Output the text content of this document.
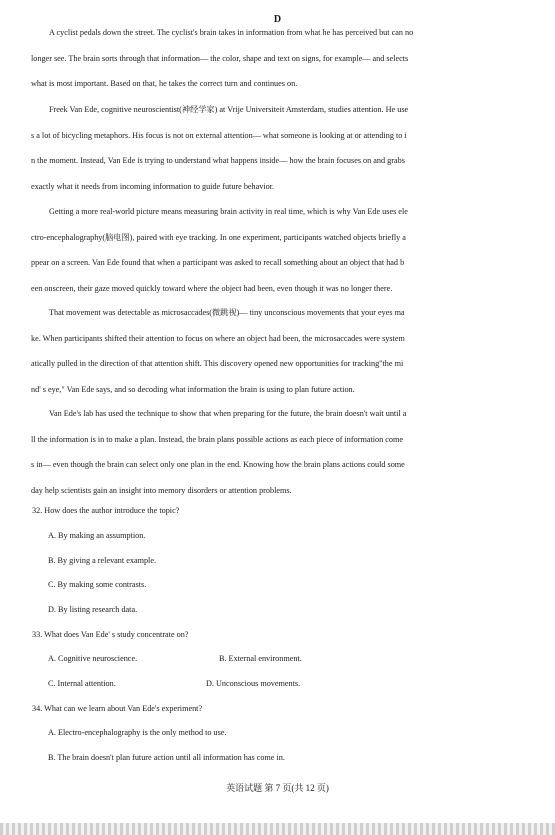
D
A cyclist pedals down the street. The cyclist's brain takes in information from what he has perceived but can no
longer see. The brain sorts through that information— the color, shape and text on signs, for example— and selects
what is most important. Based on that, he takes the correct turn and continues on.
Freek Van Ede, cognitive neuroscientist(神经学家) at Vrije Universiteit Amsterdam, studies attention. He use
s a lot of bicycling metaphors. His focus is not on external attention— what someone is looking at or attending to i
n the moment. Instead, Van Ede is trying to understand what happens inside— how the brain focuses on and grabs
exactly what it needs from incoming information to guide future behavior.
Getting a more real-world picture means measuring brain activity in real time, which is why Van Ede uses ele
ctro-encephalography(脑电图), paired with eye tracking. In one experiment, participants watched objects briefly a
ppear on a screen. Van Ede found that when a participant was asked to recall something about an object that had b
een onscreen, their gaze moved quickly toward where the object had been, even though it was no longer there.
That movement was detectable as microsaccades(微跳视)— tiny unconscious movements that your eyes ma
ke. When participants shifted their attention to focus on where an object had been, the microsaccades were system
atically pulled in the direction of that attention shift. This discovery opened new opportunities for tracking"the mi
nd' s eye," Van Ede says, and so decoding what information the brain is using to plan future action.
Van Ede's lab has used the technique to show that when preparing for the future, the brain doesn't wait until a
ll the information is in to make a plan. Instead, the brain plans possible actions as each piece of information come
s in— even though the brain can select only one plan in the end. Knowing how the brain plans actions could some
day help scientists gain an insight into memory disorders or attention problems.
32. How does the author introduce the topic?
A. By making an assumption.
B. By giving a relevant example.
C. By making some contrasts.
D. By listing research data.
33. What does Van Ede' s study concentrate on?
A. Cognitive neuroscience.	B. External environment.
C. Internal attention.	D. Unconscious movements.
34. What can we learn about Van Ede's experiment?
A. Electro-encephalography is the only method to use.
B. The brain doesn't plan future action until all information has come in.
英语试题 第 7 页(共 12 页)
